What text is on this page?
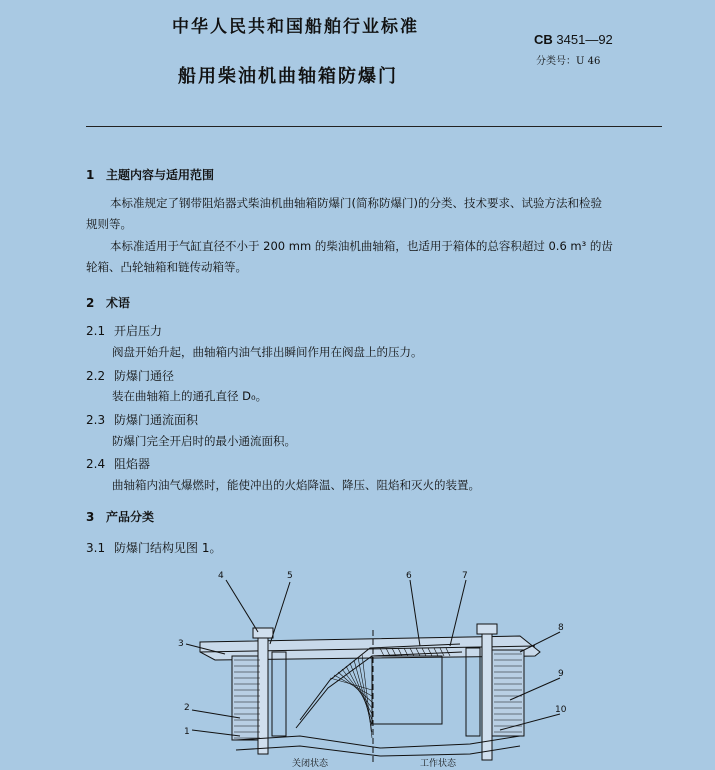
中华人民共和国船舶行业标准
CB 3451—92
分类号：U 46
船用柴油机曲轴箱防爆门
1 主题内容与适用范围
本标准规定了钢带阻焰器式柴油机曲轴箱防爆门(简称防爆门)的分类、技术要求、试验方法和检验
规则等。
本标准适用于气缸直径不小于 200 mm 的柴油机曲轴箱，也适用于箱体的总容积超过 0.6 m³ 的齿
轮箱、凸轮轴箱和链传动箱等。
2 术语
2.1 开启压力
阀盘开始升起，曲轴箱内油气排出瞬间作用在阀盘上的压力。
2.2 防爆门通径
装在曲轴箱上的通孔直径 D₀。
2.3 防爆门通流面积
防爆门完全开启时的最小通流面积。
2.4 阻焰器
曲轴箱内油气爆燃时，能使冲出的火焰降温、降压、阻焰和灭火的装置。
3 产品分类
3.1 防爆门结构见图 1。
1
2
3
4	5	6	7
8
9
10
关闭状态	工作状态
